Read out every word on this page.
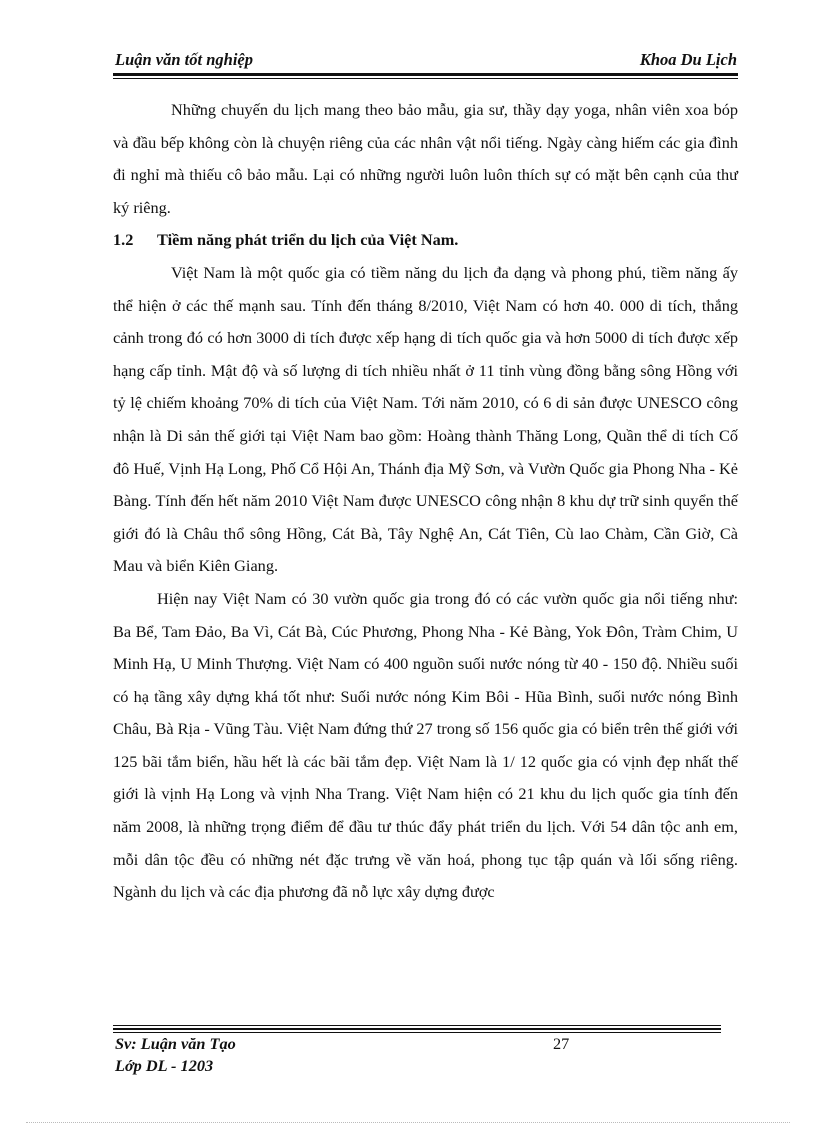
Luận văn tốt nghiệp	Khoa Du Lịch

Những chuyến du lịch mang theo bảo mẫu, gia sư, thầy dạy yoga, nhân viên xoa bóp và đầu bếp không còn là chuyện riêng của các nhân vật nổi tiếng. Ngày càng hiếm các gia đình đi nghỉ mà thiếu cô bảo mẫu. Lại có những người luôn luôn thích sự có mặt bên cạnh của thư ký riêng.

1.2 Tiềm năng phát triển du lịch của Việt Nam.

Việt Nam là một quốc gia có tiềm năng du lịch đa dạng và phong phú, tiềm năng ấy thể hiện ở các thế mạnh sau. Tính đến tháng 8/2010, Việt Nam có hơn 40. 000 di tích, thắng cảnh trong đó có hơn 3000 di tích được xếp hạng di tích quốc gia và hơn 5000 di tích được xếp hạng cấp tỉnh. Mật độ và số lượng di tích nhiều nhất ở 11 tỉnh vùng đồng bằng sông Hồng với tỷ lệ chiếm khoảng 70% di tích của Việt Nam. Tới năm 2010, có 6 di sản được UNESCO công nhận là Di sản thế giới tại Việt Nam bao gồm: Hoàng thành Thăng Long, Quần thể di tích Cố đô Huế, Vịnh Hạ Long, Phố Cổ Hội An, Thánh địa Mỹ Sơn, và Vườn Quốc gia Phong Nha - Kẻ Bàng. Tính đến hết năm 2010 Việt Nam được UNESCO công nhận 8 khu dự trữ sinh quyển thế giới đó là Châu thổ sông Hồng, Cát Bà, Tây Nghệ An, Cát Tiên, Cù lao Chàm, Cần Giờ, Cà Mau và biển Kiên Giang.

Hiện nay Việt Nam có 30 vườn quốc gia trong đó có các vườn quốc gia nổi tiếng như: Ba Bể, Tam Đảo, Ba Vì, Cát Bà, Cúc Phương, Phong Nha - Kẻ Bàng, Yok Đôn, Tràm Chim, U Minh Hạ, U Minh Thượng. Việt Nam có 400 nguồn suối nước nóng từ 40 - 150 độ. Nhiều suối có hạ tầng xây dựng khá tốt như: Suối nước nóng Kim Bôi - Hũa Bình, suối nước nóng Bình Châu, Bà Rịa - Vũng Tàu. Việt Nam đứng thứ 27 trong số 156 quốc gia có biển trên thế giới với 125 bãi tắm biển, hầu hết là các bãi tắm đẹp. Việt Nam là 1/ 12 quốc gia có vịnh đẹp nhất thế giới là vịnh Hạ Long và vịnh Nha Trang. Việt Nam hiện có 21 khu du lịch quốc gia tính đến năm 2008, là những trọng điểm để đầu tư thúc đẩy phát triển du lịch. Với 54 dân tộc anh em, mỗi dân tộc đều có những nét đặc trưng về văn hoá, phong tục tập quán và lối sống riêng. Ngành du lịch và các địa phương đã nỗ lực xây dựng được

Sv: Luận văn Tạo	27
Lớp DL - 1203
